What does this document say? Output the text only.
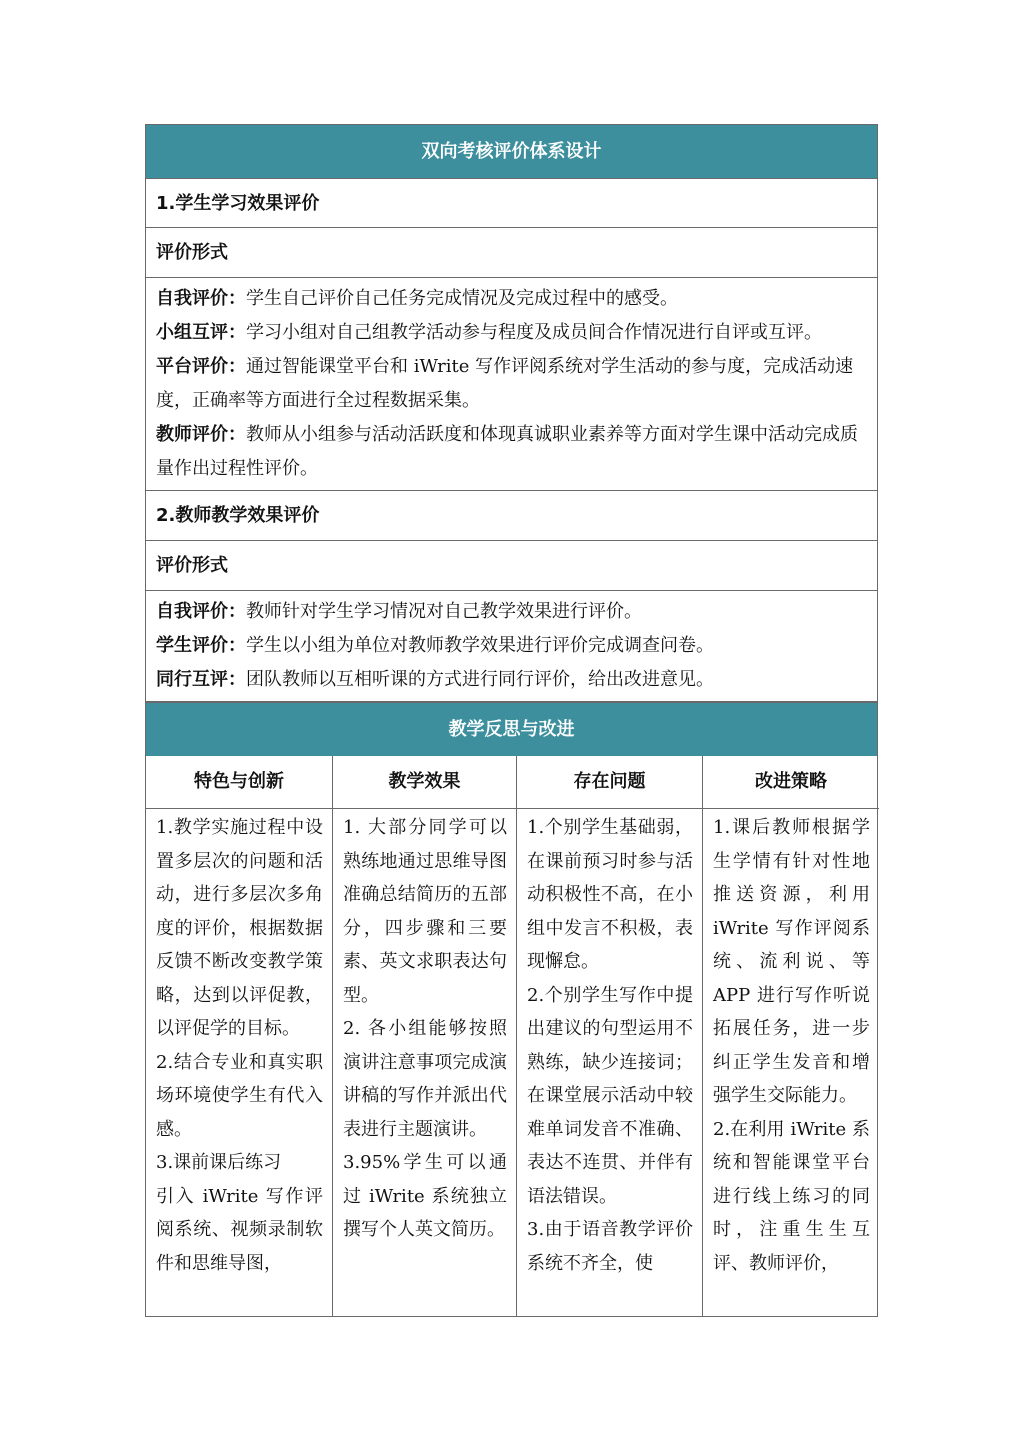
双向考核评价体系设计
1.学生学习效果评价
评价形式

自我评价：学生自己评价自己任务完成情况及完成过程中的感受。

小组互评：学习小组对自己组教学活动参与程度及成员间合作情况进行自评或互评。

平台评价：通过智能课堂平台和 iWrite 写作评阅系统对学生活动的参与度，完成活动速度，正确率等方面进行全过程数据采集。

教师评价：教师从小组参与活动活跃度和体现真诚职业素养等方面对学生课中活动完成质量作出过程性评价。

2.教师教学效果评价
评价形式

自我评价：教师针对学生学习情况对自己教学效果进行评价。

学生评价：学生以小组为单位对教师教学效果进行评价完成调查问卷。

同行互评：团队教师以互相听课的方式进行同行评价，给出改进意见。

教学反思与改进
特色与创新

1.教学实施过程中设置多层次的问题和活动，进行多层次多角度的评价，根据数据反馈不断改变教学策略，达到以评促教，以评促学的目标。

2.结合专业和真实职场环境使学生有代入感。

3.课前课后练习

引入 iWrite 写作评阅系统、视频录制软件和思维导图，

教学效果

1. 大部分同学可以熟练地通过思维导图准确总结简历的五部分，四步骤和三要素、英文求职表达句型。

2. 各小组能够按照演讲注意事项完成演讲稿的写作并派出代表进行主题演讲。

3.95%学生可以通过 iWrite 系统独立撰写个人英文简历。

存在问题

1.个别学生基础弱，在课前预习时参与活动积极性不高，在小组中发言不积极，表现懈怠。

2.个别学生写作中提出建议的句型运用不熟练，缺少连接词；在课堂展示活动中较难单词发音不准确、表达不连贯、并伴有语法错误。

3.由于语音教学评价系统不齐全，使

改进策略

1.课后教师根据学生学情有针对性地推送资源，利用 iWrite 写作评阅系统、流利说、等 APP 进行写作听说拓展任务，进一步纠正学生发音和增强学生交际能力。

2.在利用 iWrite 系统和智能课堂平台进行线上练习的同时，注重生生互评、教师评价，
